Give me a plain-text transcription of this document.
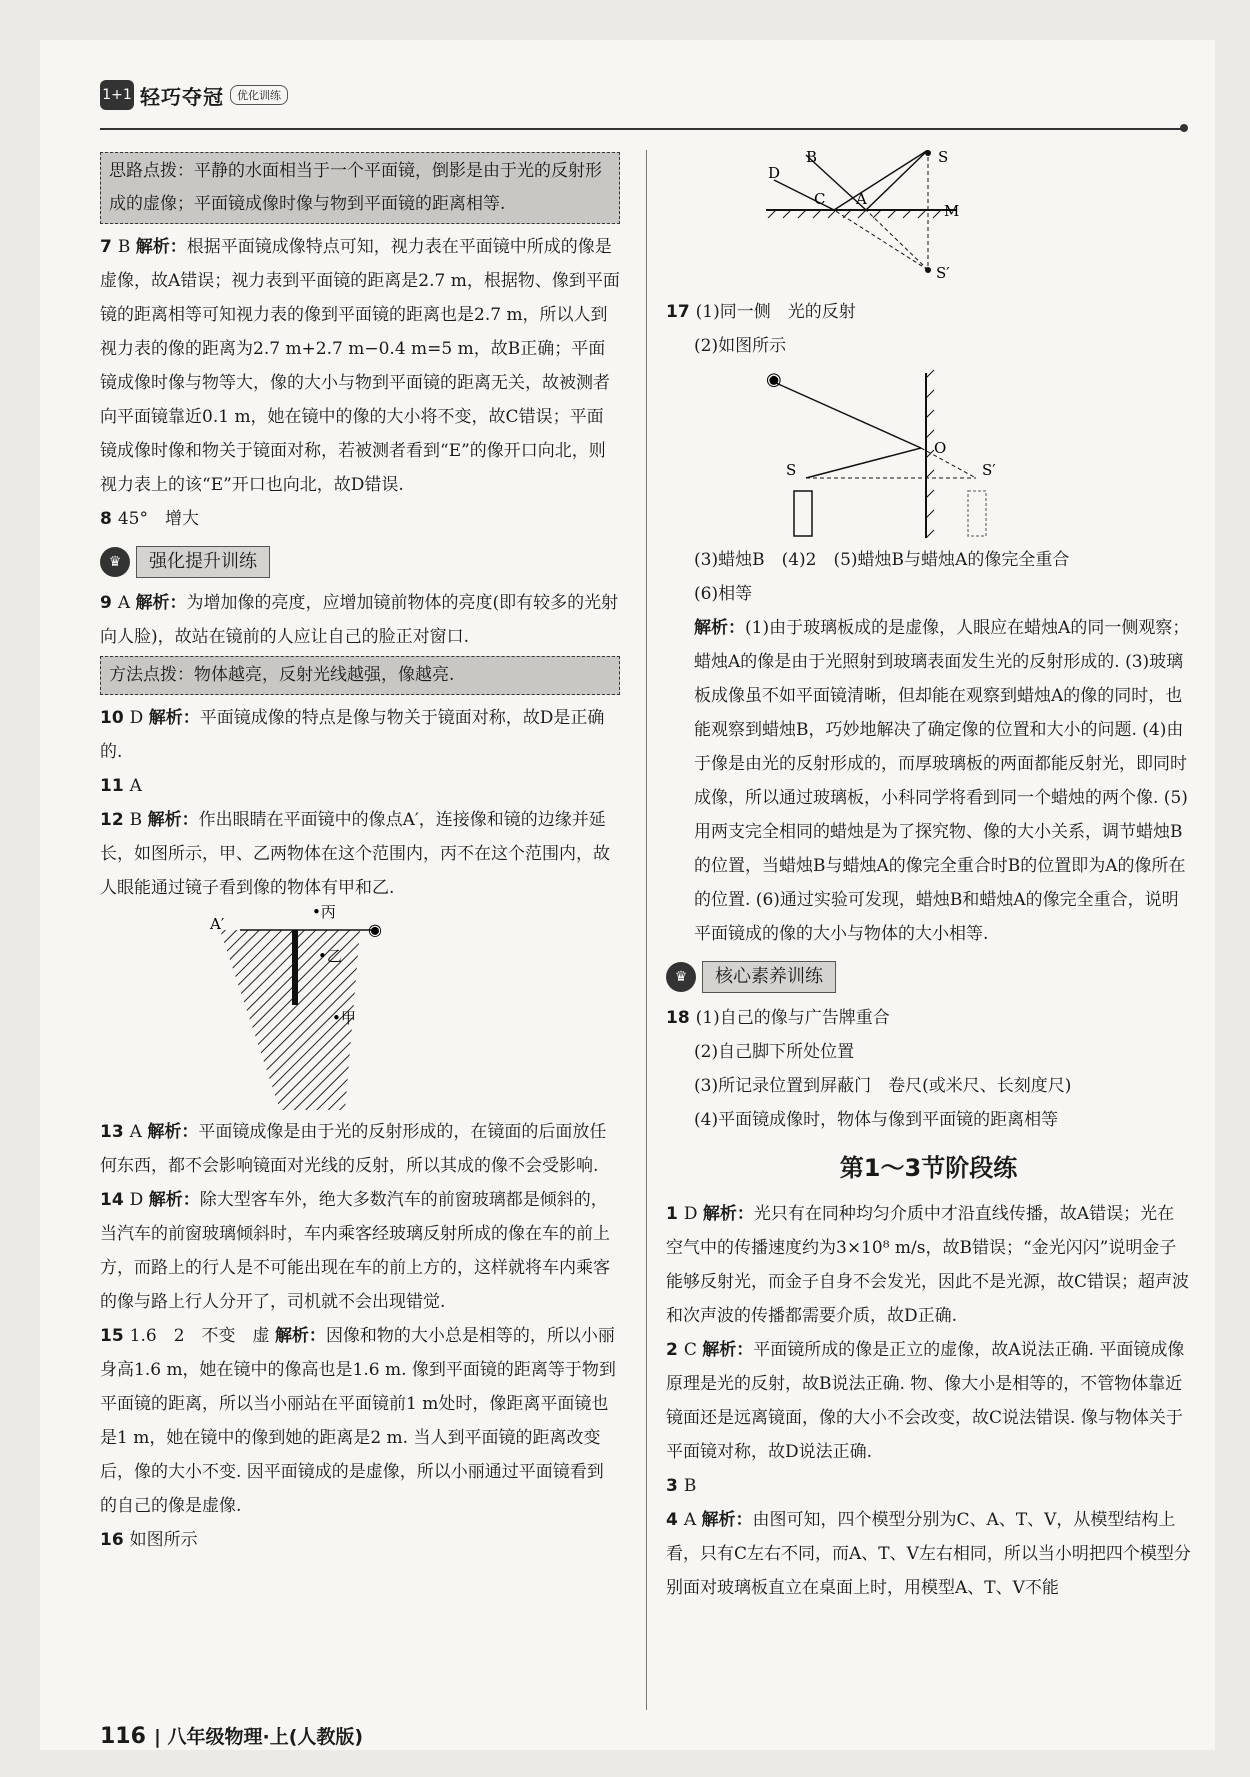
1+1 轻巧夺冠	优化训练
思路点拨：平静的水面相当于一个平面镜，倒影是由于光的反射形成的虚像；平面镜成像时像与物到平面镜的距离相等.

7 B 解析：根据平面镜成像特点可知，视力表在平面镜中所成的像是虚像，故A错误；视力表到平面镜的距离是2.7 m，根据物、像到平面镜的距离相等可知视力表的像到平面镜的距离也是2.7 m，所以人到视力表的像的距离为2.7 m+2.7 m−0.4 m=5 m，故B正确；平面镜成像时像与物等大，像的大小与物到平面镜的距离无关，故被测者向平面镜靠近0.1 m，她在镜中的像的大小将不变，故C错误；平面镜成像时像和物关于镜面对称，若被测者看到“E”的像开口向北，则视力表上的该“E”开口也向北，故D错误.

8 45°　增大

♛	强化提升训练

9 A 解析：为增加像的亮度，应增加镜前物体的亮度(即有较多的光射向人脸)，故站在镜前的人应让自己的脸正对窗口.

方法点拨：物体越亮，反射光线越强，像越亮.

10 D 解析：平面镜成像的特点是像与物关于镜面对称，故D是正确的.

11 A

12 B 解析：作出眼睛在平面镜中的像点A′，连接像和镜的边缘并延长，如图所示，甲、乙两物体在这个范围内，丙不在这个范围内，故人眼能通过镜子看到像的物体有甲和乙.

A′
•丙
•乙
•甲
◉

13 A 解析：平面镜成像是由于光的反射形成的，在镜面的后面放任何东西，都不会影响镜面对光线的反射，所以其成的像不会受影响.

14 D 解析：除大型客车外，绝大多数汽车的前窗玻璃都是倾斜的，当汽车的前窗玻璃倾斜时，车内乘客经玻璃反射所成的像在车的前上方，而路上的行人是不可能出现在车的前上方的，这样就将车内乘客的像与路上行人分开了，司机就不会出现错觉.

15 1.6　2　不变　虚 解析：因像和物的大小总是相等的，所以小丽身高1.6 m，她在镜中的像高也是1.6 m. 像到平面镜的距离等于物到平面镜的距离，所以当小丽站在平面镜前1 m处时，像距离平面镜也是1 m，她在镜中的像到她的距离是2 m. 当人到平面镜的距离改变后，像的大小不变. 因平面镜成的是虚像，所以小丽通过平面镜看到的自己的像是虚像.

16 如图所示

B	S
D
C A
M
S′

17 (1)同一侧　光的反射

(2)如图所示

◉
O
S	S′

(3)蜡烛B　(4)2　(5)蜡烛B与蜡烛A的像完全重合

(6)相等

解析：(1)由于玻璃板成的是虚像，人眼应在蜡烛A的同一侧观察；蜡烛A的像是由于光照射到玻璃表面发生光的反射形成的. (3)玻璃板成像虽不如平面镜清晰，但却能在观察到蜡烛A的像的同时，也能观察到蜡烛B，巧妙地解决了确定像的位置和大小的问题. (4)由于像是由光的反射形成的，而厚玻璃板的两面都能反射光，即同时成像，所以通过玻璃板，小科同学将看到同一个蜡烛的两个像. (5)用两支完全相同的蜡烛是为了探究物、像的大小关系，调节蜡烛B的位置，当蜡烛B与蜡烛A的像完全重合时B的位置即为A的像所在的位置. (6)通过实验可发现，蜡烛B和蜡烛A的像完全重合，说明平面镜成的像的大小与物体的大小相等.

♛	核心素养训练

18 (1)自己的像与广告牌重合

(2)自己脚下所处位置

(3)所记录位置到屏蔽门　卷尺(或米尺、长刻度尺)

(4)平面镜成像时，物体与像到平面镜的距离相等

第1～3节阶段练

1 D 解析：光只有在同种均匀介质中才沿直线传播，故A错误；光在空气中的传播速度约为3×10⁸ m/s，故B错误；“金光闪闪”说明金子能够反射光，而金子自身不会发光，因此不是光源，故C错误；超声波和次声波的传播都需要介质，故D正确.

2 C 解析：平面镜所成的像是正立的虚像，故A说法正确. 平面镜成像原理是光的反射，故B说法正确. 物、像大小是相等的，不管物体靠近镜面还是远离镜面，像的大小不会改变，故C说法错误. 像与物体关于平面镜对称，故D说法正确.

3 B

4 A 解析：由图可知，四个模型分别为C、A、T、V，从模型结构上看，只有C左右不同，而A、T、V左右相同，所以当小明把四个模型分别面对玻璃板直立在桌面上时，用模型A、T、V不能

116 | 八年级物理·上(人教版)
